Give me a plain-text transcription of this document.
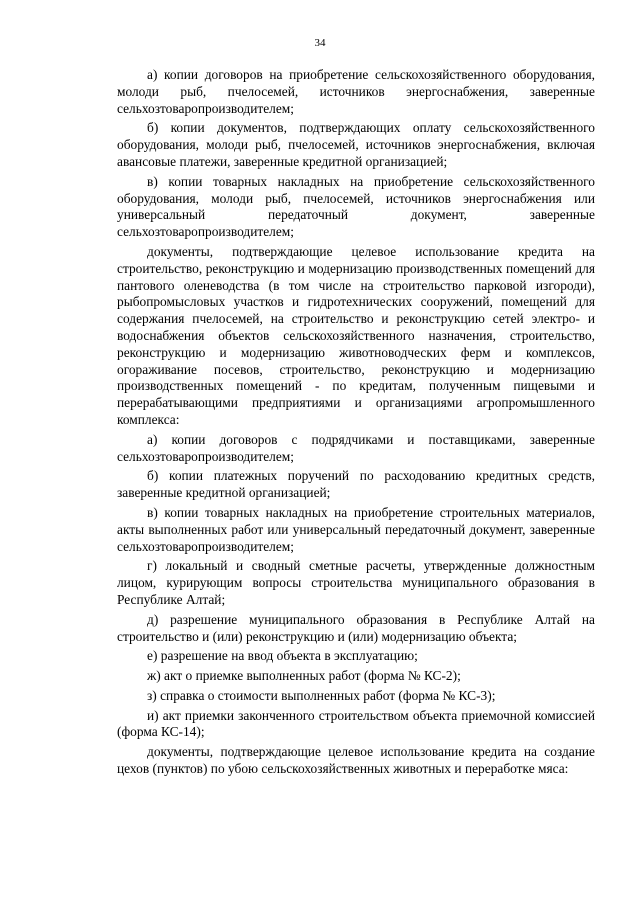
34

а) копии договоров на приобретение сельскохозяйственного оборудования, молоди рыб, пчелосемей, источников энергоснабжения, заверенные сельхозтоваропроизводителем;

б) копии документов, подтверждающих оплату сельскохозяйственного оборудования, молоди рыб, пчелосемей, источников энергоснабжения, включая авансовые платежи, заверенные кредитной организацией;

в) копии товарных накладных на приобретение сельскохозяйственного оборудования, молоди рыб, пчелосемей, источников энергоснабжения или универсальный передаточный документ, заверенные сельхозтоваропроизводителем;

документы, подтверждающие целевое использование кредита на строительство, реконструкцию и модернизацию производственных помещений для пантового оленеводства (в том числе на строительство парковой изгороди), рыбопромысловых участков и гидротехнических сооружений, помещений для содержания пчелосемей, на строительство и реконструкцию сетей электро- и водоснабжения объектов сельскохозяйственного назначения, строительство, реконструкцию и модернизацию животноводческих ферм и комплексов, огораживание посевов, строительство, реконструкцию и модернизацию производственных помещений - по кредитам, полученным пищевыми и перерабатывающими предприятиями и организациями агропромышленного комплекса:

а) копии договоров с подрядчиками и поставщиками, заверенные сельхозтоваропроизводителем;

б) копии платежных поручений по расходованию кредитных средств, заверенные кредитной организацией;

в) копии товарных накладных на приобретение строительных материалов, акты выполненных работ или универсальный передаточный документ, заверенные сельхозтоваропроизводителем;

г) локальный и сводный сметные расчеты, утвержденные должностным лицом, курирующим вопросы строительства муниципального образования в Республике Алтай;

д) разрешение муниципального образования в Республике Алтай на строительство и (или) реконструкцию и (или) модернизацию объекта;

е) разрешение на ввод объекта в эксплуатацию;

ж) акт о приемке выполненных работ (форма № КС-2);

з) справка о стоимости выполненных работ (форма № КС-3);

и) акт приемки законченного строительством объекта приемочной комиссией (форма КС-14);

документы, подтверждающие целевое использование кредита на создание цехов (пунктов) по убою сельскохозяйственных животных и переработке мяса:
